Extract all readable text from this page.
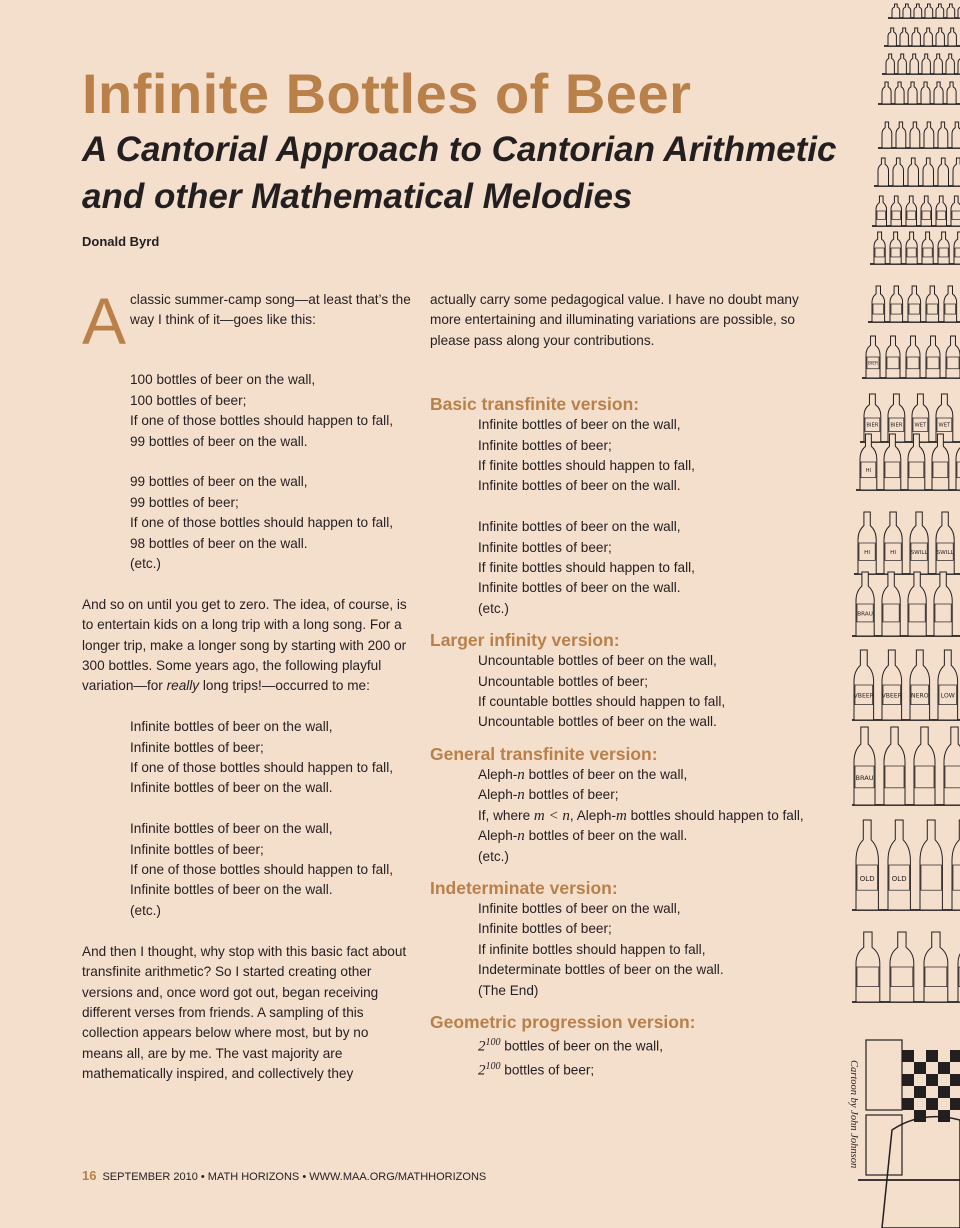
Infinite Bottles of Beer
A Cantorial Approach to Cantorian Arithmetic and other Mathematical Melodies

Donald Byrd

A classic summer-camp song—at least that’s the way I think of it—goes like this:

100 bottles of beer on the wall,

100 bottles of beer;

If one of those bottles should happen to fall,

99 bottles of beer on the wall.

99 bottles of beer on the wall,

99 bottles of beer;

If one of those bottles should happen to fall,

98 bottles of beer on the wall.

(etc.)

And so on until you get to zero. The idea, of course, is to entertain kids on a long trip with a long song. For a longer trip, make a longer song by starting with 200 or 300 bottles. Some years ago, the following playful variation—for really long trips!—occurred to me:

Infinite bottles of beer on the wall,

Infinite bottles of beer;

If one of those bottles should happen to fall,

Infinite bottles of beer on the wall.

Infinite bottles of beer on the wall,

Infinite bottles of beer;

If one of those bottles should happen to fall,

Infinite bottles of beer on the wall.

(etc.)

And then I thought, why stop with this basic fact about transfinite arithmetic? So I started creating other versions and, once word got out, began receiving different verses from friends. A sampling of this collection appears below where most, but by no means all, are by me. The vast majority are mathematically inspired, and collectively they

actually carry some pedagogical value. I have no doubt many more entertaining and illuminating variations are possible, so please pass along your contributions.

Basic transfinite version:

Infinite bottles of beer on the wall,

Infinite bottles of beer;

If finite bottles should happen to fall,

Infinite bottles of beer on the wall.

Infinite bottles of beer on the wall,

Infinite bottles of beer;

If finite bottles should happen to fall,

Infinite bottles of beer on the wall.

(etc.)

Larger infinity version:

Uncountable bottles of beer on the wall,

Uncountable bottles of beer;

If countable bottles should happen to fall,

Uncountable bottles of beer on the wall.

General transfinite version:

Aleph-n bottles of beer on the wall,

Aleph-n bottles of beer;

If, where m < n, Aleph-m bottles should happen to fall,

Aleph-n bottles of beer on the wall.

(etc.)

Indeterminate version:

Infinite bottles of beer on the wall,

Infinite bottles of beer;

If infinite bottles should happen to fall,

Indeterminate bottles of beer on the wall.

(The End)

Geometric progression version:

$2^{100}$ bottles of beer on the wall,

$2^{100}$ bottles of beer;

16 SEPTEMBER 2010 • MATH HORIZONS • WWW.MAA.ORG/MATHHORIZONS
Cartoon by John Johnson
BIER
BIER BIER WET WET
HI
HI	HI	SWILL SWILL
BRAU
VBEER VBEER NERO LOW
BRAU
OLD OLD
